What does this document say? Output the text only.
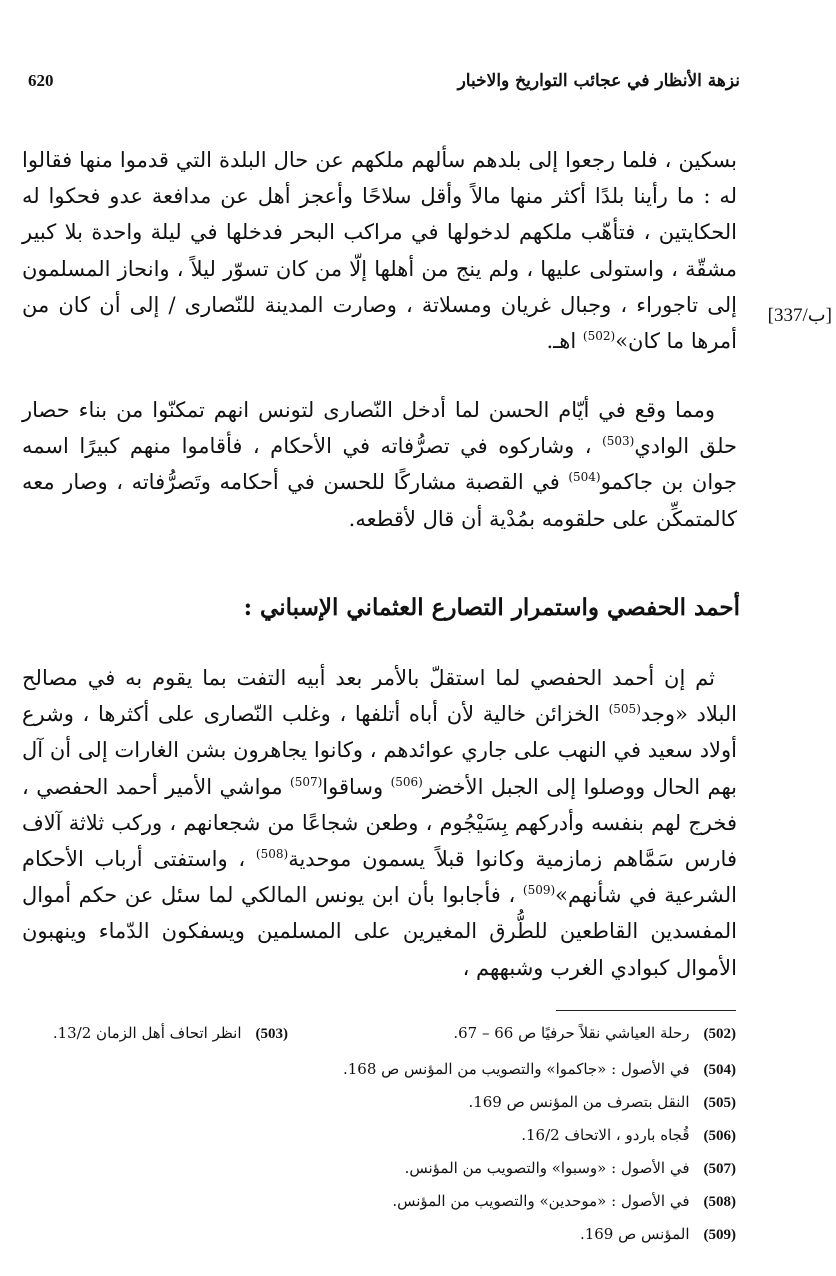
620	نزهة الأنظار في عجائب التواريخ والاخبار
[337/ب]

بسكين ، فلما رجعوا إلى بلدهم سألهم ملكهم عن حال البلدة التي قدموا منها فقالوا له : ما رأينا بلدًا أكثر منها مالاً وأقل سلاحًا وأعجز أهل عن مدافعة عدو فحكوا له الحكايتين ، فتأهّب ملكهم لدخولها في مراكب البحر فدخلها في ليلة واحدة بلا كبير مشقّة ، واستولى عليها ، ولم ينج من أهلها إلّا من كان تسوّر ليلاً ، وانحاز المسلمون إلى تاجوراء ، وجبال غريان ومسلاتة ، وصارت المدينة للنّصارى / إلى أن كان من أمرها ما كان»$^{(502)}$ اهـ.

ومما وقع في أيّام الحسن لما أدخل النّصارى لتونس انهم تمكنّوا من بناء حصار حلق الوادي$^{(503)}$ ، وشاركوه في تصرُّفاته في الأحكام ، فأقاموا منهم كبيرًا اسمه جوان بن جاكمو$^{(504)}$ في القصبة مشاركًا للحسن في أحكامه وتَصرُّفاته ، وصار معه كالمتمكِّن على حلقومه بمُدْية أن قال لأقطعه.

أحمد الحفصي واستمرار التصارع العثماني الإسباني :

ثم إن أحمد الحفصي لما استقلّ بالأمر بعد أبيه التفت بما يقوم به في مصالح البلاد «وجد$^{(505)}$ الخزائن خالية لأن أباه أتلفها ، وغلب النّصارى على أكثرها ، وشرع أولاد سعيد في النهب على جاري عوائدهم ، وكانوا يجاهرون بشن الغارات إلى أن آل بهم الحال ووصلوا إلى الجبل الأخضر$^{(506)}$ وساقوا$^{(507)}$ مواشي الأمير أحمد الحفصي ، فخرج لهم بنفسه وأدركهم بِسَيْجُوم ، وطعن شجاعًا من شجعانهم ، وركب ثلاثة آلاف فارس سَمَّاهم زمازمية وكانوا قبلاً يسمون موحدية$^{(508)}$ ، واستفتى أرباب الأحكام الشرعية في شأنهم»$^{(509)}$ ، فأجابوا بأن ابن يونس المالكي لما سئل عن حكم أموال المفسدين القاطعين للطُّرق المغيرين على المسلمين ويسفكون الدّماء وينهبون الأموال كبوادي الغرب وشبههم ،

(502)رحلة العياشي نقلاً حرفيًا ص 66 – 67.

(503)انظر اتحاف أهل الزمان 13/2.

(504)في الأصول : «جاكموا» والتصويب من المؤنس ص 168.

(505)النقل بتصرف من المؤنس ص 169.

(506)قُجاه باردو ، الاتحاف 16/2.

(507)في الأصول : «وسبوا» والتصويب من المؤنس.

(508)في الأصول : «موحدين» والتصويب من المؤنس.

(509)المؤنس ص 169.
